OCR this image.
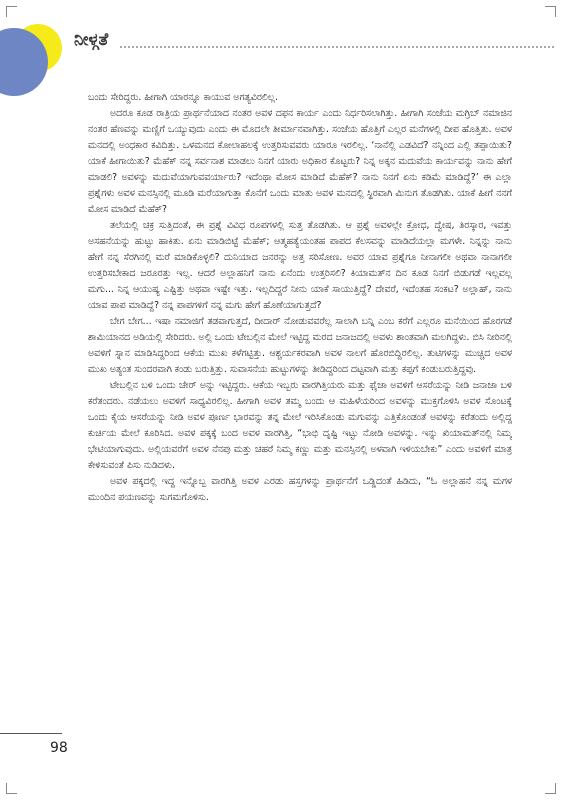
ನೀಳ್ಗತೆ

ಬಂದು ಸೇರಿದ್ದರು. ಹೀಗಾಗಿ ಯಾರನ್ನೂ ಕಾಯುವ ಅಗತ್ಯವಿರಲಿಲ್ಲ.

ಅದರೂ ಕೂಡ ರಾತ್ರಿಯ ಪ್ರಾರ್ಥನೆಯಾದ ನಂತರ ಅವಳ ದಫನ ಕಾರ್ಯ ಎಂದು ನಿರ್ಧರಿಸಲಾಗಿತ್ತು. ಹೀಗಾಗಿ ಸಂಜೆಯ ಮಗ್ರಿಬ್ ನಮಾಜಿನ ನಂತರ ಹೆಣವನ್ನು ಮಣ್ಣಿಗೆ ಒಯ್ಯುವುದು ಎಂದು ಈ ಮೊದಲೇ ತೀರ್ಮಾನವಾಗಿತ್ತು. ಸಂಜೆಯ ಹೊತ್ತಿಗೆ ಎಲ್ಲರ ಮನೆಗಳಲ್ಲಿ ದೀಪ ಹೊತ್ತಿತು. ಅವಳ ಮನದಲ್ಲಿ ಅಂಧಕಾರ ಕವಿದಿತ್ತು. ಒಳಮನದ ಕೋಲಾಹಲಕ್ಕೆ ಉತ್ತರಿಸುವವರು ಯಾರೂ ಇರಲಿಲ್ಲ. ‘ನಾನೆಲ್ಲಿ ಎಡವಿದೆ? ನನ್ನಿಂದ ಎಲ್ಲಿ ತಪ್ಪಾಯಿತು? ಯಾಕೆ ಹೀಗಾಯಿತು? ಮೆಹೆಕ್ ನನ್ನ ಸರ್ವನಾಶ ಮಾಡಲು ನಿನಗೆ ಯಾರು ಅಧಿಕಾರ ಕೊಟ್ಟರು? ನಿನ್ನ ಅಕ್ಕನ ಮದುವೆಯ ಕಾರ್ಯವನ್ನು ನಾನು ಹೇಗೆ ಮಾಡಲಿ? ಅವಳನ್ನು ಮದುವೆಯಾಗುವವರ್ಯಾರು? ಇದೆಂಥಾ ಮೋಸ ಮಾಡಿದೆ ಮೆಹೆಕ್? ನಾನು ನಿನಗೆ ಏನು ಕಡಿಮೆ ಮಾಡಿದ್ದೆ?’ ಈ ಎಲ್ಲಾ ಪ್ರಶ್ನೆಗಳು ಅವಳ ಮನಸ್ಸಿನಲ್ಲಿ ಮೂಡಿ ಮರೆಯಾಗುತ್ತಾ ಕೊನೆಗೆ ಒಂದು ಮಾತು ಅವಳ ಮನದಲ್ಲಿ ಸ್ಥಿರವಾಗಿ ಮಿನುಗ ತೊಡಗಿತು. ಯಾಕೆ ಹೀಗೆ ನನಗೆ ಮೋಸ ಮಾಡಿದೆ ಮೆಹೆಕ್?

ತಲೆಯಲ್ಲಿ ಚಕ್ರ ಸುತ್ತಿದಂತೆ, ಈ ಪ್ರಶ್ನೆ ವಿವಿಧ ರೂಪಗಳಲ್ಲಿ ಸುತ್ತ ತೊಡಗಿತು. ಆ ಪ್ರಶ್ನೆ ಅವಳಲ್ಲೇ ಕ್ರೋಧ, ದ್ವೇಷ, ತಿರಸ್ಕಾರ, ಇವತ್ತು ಅಸಹನೆಯನ್ನು ಹುಟ್ಟು ಹಾಕಿತು. ಏನು ಮಾಡಿಬಿಟ್ಟೆ ಮೆಹೆಕ್; ಆತ್ಮಹತ್ಯೆಯಂತಹ ಪಾಪದ ಕೆಲಸವನ್ನು ಮಾಡಿದೆಯಲ್ಲಾ ಮಗಳೇ. ನಿನ್ನನ್ನು ನಾನು ಹೇಗೆ ನನ್ನ ಸೆರಗಿನಲ್ಲಿ ಮರೆ ಮಾಡಿಕೊಳ್ಳಲಿ? ದುನಿಯಾದ ಜನರನ್ನು ಅತ್ತ ಸರಿಸೋಣ. ಅವರ ಯಾವ ಪ್ರಶ್ನೆಗೂ ನೀನಾಗಲೀ ಅಥವಾ ನಾನಾಗಲೀ ಉತ್ತರಿಸಬೇಕಾದ ಜರೂರತ್ತು ಇಲ್ಲ. ಆದರೆ ಅಲ್ಲಾಹನಿಗೆ ನಾನು ಏನೆಂದು ಉತ್ತರಿಸಲಿ? ಕಿಯಾಮತ್‌ನ ದಿನ ಕೂಡ ನಿನಗೆ ಬಿಡುಗಡೆ ಇಲ್ಲವಲ್ಲ ಮಗು... ನಿನ್ನ ಆಯುಷ್ಯ ಎಷ್ಟಿತ್ತು ಅಥವಾ ಇಷ್ಟೇ ಇತ್ತು. ಇಲ್ಲದಿದ್ದರೆ ನೀನು ಯಾಕೆ ಸಾಯುತ್ತಿದ್ದೆ? ದೇವರೆ, ಇದೆಂತಹ ಸಂಕಟ? ಅಲ್ಲಾಹ್, ನಾನು ಯಾವ ಪಾಪ ಮಾಡಿದ್ದೆ? ನನ್ನ ಪಾಪಗಳಿಗೆ ನನ್ನ ಮಗು ಹೇಗೆ ಹೊಣೆಯಾಗುತ್ತದೆ?

ಬೇಗ ಬೇಗ... ಇಷಾ ನಮಾಜಿಗೆ ತಡವಾಗುತ್ತದೆ, ದೀದಾರ್ ನೋಡುವವರೆಲ್ಲ ಸಾಲಾಗಿ ಬನ್ನಿ ಎಂಬ ಕರೆಗೆ ಎಲ್ಲರೂ ಮನೆಯಿಂದ ಹೊರಗಡೆ ಶಾಮಿಯಾನದ ಅಡಿಯಲ್ಲಿ ಸೇರಿದರು. ಅಲ್ಲಿ ಒಂದು ಟೇಬಲ್ಲಿನ ಮೇಲೆ ಇಟ್ಟಿದ್ದ ಮರದ ಜನಾಜದಲ್ಲಿ ಅವಳು ಶಾಂತವಾಗಿ ಮಲಗಿದ್ದಳು. ಬಿಸಿ ನೀರಿನಲ್ಲಿ ಅವಳಿಗೆ ಸ್ನಾನ ಮಾಡಿಸಿದ್ದರಿಂದ ಆಕೆಯ ಮುಖ ಕಳೆಗಟ್ಟಿತ್ತು. ಆಶ್ಚರ್ಯಕರವಾಗಿ ಅವಳ ನಾಲಗೆ ಹೊರಬಿದ್ದಿರಲಿಲ್ಲ. ತುಟಿಗಳನ್ನು ಮುಚ್ಚಿದ ಅವಳ ಮುಖ ಅತ್ಯಂತ ಸುಂದರವಾಗಿ ಕಂಡು ಬರುತ್ತಿತ್ತು. ಸುವಾಸನೆಯ ಹುಟ್ಟುಗಳನ್ನು ತೀಡಿದ್ದರಿಂದ ದಟ್ಟವಾಗಿ ಮತ್ತು ಕಪ್ಪಗೆ ಕಂಡುಬರುತ್ತಿದ್ದವು.

ಟೇಬಲ್ಲಿನ ಬಳಿ ಒಂದು ಚೇರ್ ಅನ್ನು ಇಟ್ಟಿದ್ದರು. ಆಕೆಯ ಇಬ್ಬರು ವಾರಗಿತ್ತಿಯರು ಮತ್ತು ಫೈಜಾ ಅವಳಿಗೆ ಆಸರೆಯನ್ನು ನೀಡಿ ಜನಾಜಾ ಬಳಿ ಕರೆತಂದರು. ನಡೆಯಲು ಅವಳಿಗೆ ಸಾಧ್ಯವಿರಲಿಲ್ಲ. ಹೀಗಾಗಿ ಅವಳ ತಮ್ಮ ಬಂದು ಆ ಮಹಿಳೆಯರಿಂದ ಅವಳನ್ನು ಮುಕ್ತಗೊಳಿಸಿ ಅವಳ ಸೊಂಟಕ್ಕೆ ಒಂದು ಕೈಯ ಆಸರೆಯನ್ನು ನೀಡಿ ಅವಳ ಪೂರ್ಣ ಭಾರವನ್ನು ತನ್ನ ಮೇಲೆ ಇರಿಸಿಕೊಂಡು ಮಗುವನ್ನು ಎತ್ತಿಕೊಂಡಂತೆ ಅವಳನ್ನು ಕರೆತಂದು ಅಲ್ಲಿದ್ದ ಕುರ್ಚಿಯ ಮೇಲೆ ಕೂರಿಸಿದ. ಅವಳ ಪಕ್ಕಕ್ಕೆ ಬಂದ ಅವಳ ವಾರಗಿತ್ತಿ, “ಭಾಭಿ ದೃಷ್ಟಿ ಇಟ್ಟು ನೋಡಿ ಅವಳನ್ನು. ಇನ್ನು ಖಿಯಾಮತ್‌ನಲ್ಲಿ ನಿಮ್ಮ ಭೇಟಿಯಾಗುವುದು. ಅಲ್ಲಿಯವರೆಗೆ ಅವಳ ನೆನಪು ಮತ್ತು ಚಹರೆ ನಿಮ್ಮ ಕಣ್ಣು ಮತ್ತು ಮನಸ್ಸಿನಲ್ಲಿ ಅಳವಾಗಿ ಇಳಿಯಬೇಕು” ಎಂದು ಅವಳಿಗೆ ಮಾತ್ರ ಕೇಳಿಸುವಂತೆ ಪಿಸು ನುಡಿದಳು.

ಅವಳ ಪಕ್ಕದಲ್ಲಿ ಇದ್ದ ಇನ್ನೊಬ್ಬ ವಾರಗಿತ್ತಿ ಅವಳ ಎರಡು ಹಸ್ತಗಳನ್ನು ಪ್ರಾರ್ಥನೆಗೆ ಒಡ್ಡಿದಂತೆ ಹಿಡಿದು, “ಓ ಅಲ್ಲಾಹನೆ ನನ್ನ ಮಗಳ ಮುಂದಿನ ಪಯಣವನ್ನು ಸುಗಮಗೊಳಿಸು.

98
